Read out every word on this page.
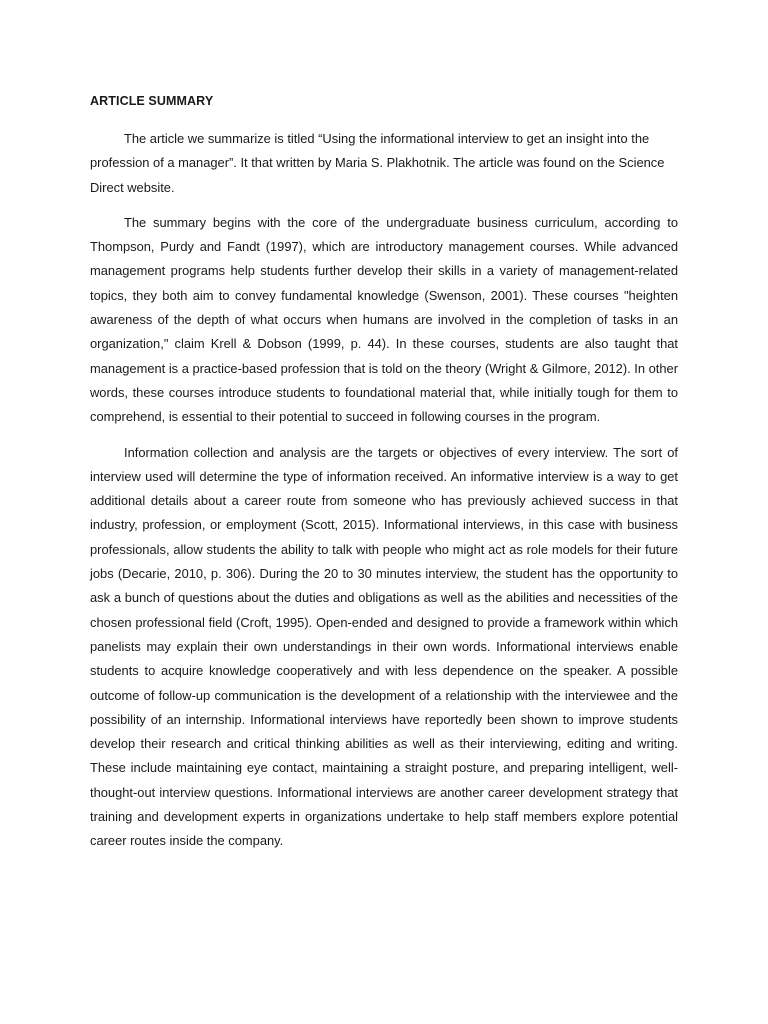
ARTICLE SUMMARY

The article we summarize is titled “Using the informational interview to get an insight into the profession of a manager”. It that written by Maria S. Plakhotnik. The article was found on the Science Direct website.

The summary begins with the core of the undergraduate business curriculum, according to Thompson, Purdy and Fandt (1997), which are introductory management courses. While advanced management programs help students further develop their skills in a variety of management-related topics, they both aim to convey fundamental knowledge (Swenson, 2001). These courses "heighten awareness of the depth of what occurs when humans are involved in the completion of tasks in an organization," claim Krell & Dobson (1999, p. 44). In these courses, students are also taught that management is a practice-based profession that is told on the theory (Wright & Gilmore, 2012). In other words, these courses introduce students to foundational material that, while initially tough for them to comprehend, is essential to their potential to succeed in following courses in the program.

Information collection and analysis are the targets or objectives of every interview. The sort of interview used will determine the type of information received. An informative interview is a way to get additional details about a career route from someone who has previously achieved success in that industry, profession, or employment (Scott, 2015). Informational interviews, in this case with business professionals, allow students the ability to talk with people who might act as role models for their future jobs (Decarie, 2010, p. 306). During the 20 to 30 minutes interview, the student has the opportunity to ask a bunch of questions about the duties and obligations as well as the abilities and necessities of the chosen professional field (Croft, 1995). Open-ended and designed to provide a framework within which panelists may explain their own understandings in their own words. Informational interviews enable students to acquire knowledge cooperatively and with less dependence on the speaker. A possible outcome of follow-up communication is the development of a relationship with the interviewee and the possibility of an internship. Informational interviews have reportedly been shown to improve students develop their research and critical thinking abilities as well as their interviewing, editing and writing. These include maintaining eye contact, maintaining a straight posture, and preparing intelligent, well-thought-out interview questions. Informational interviews are another career development strategy that training and development experts in organizations undertake to help staff members explore potential career routes inside the company.
